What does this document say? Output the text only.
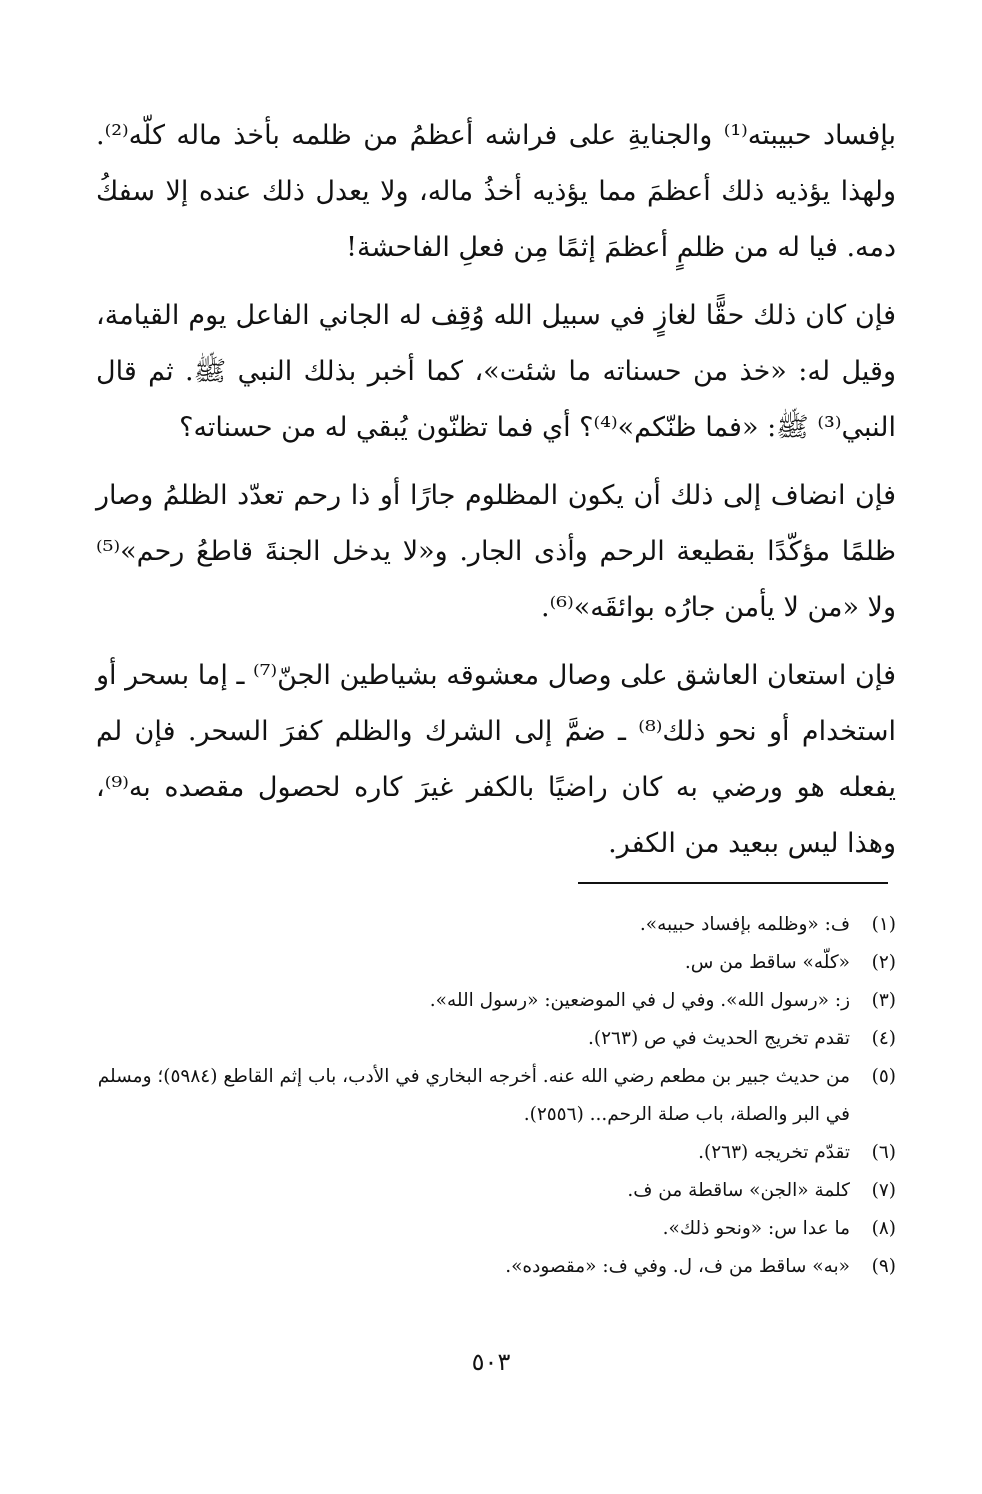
بإفساد حبيبته⁽¹⁾ والجنايةِ على فراشه أعظمُ من ظلمه بأخذ ماله كلّه⁽²⁾. ولهذا يؤذيه ذلك أعظمَ مما يؤذيه أخذُ ماله، ولا يعدل ذلك عنده إلا سفكُ دمه. فيا له من ظلمٍ أعظمَ إثمًا مِن فعلِ الفاحشة!

فإن كان ذلك حقًّا لغازٍ في سبيل الله وُقِف له الجاني الفاعل يوم القيامة، وقيل له: «خذ من حسناته ما شئت»، كما أخبر بذلك النبي ﷺ. ثم قال النبي⁽³⁾ ﷺ: «فما ظنّكم»⁽⁴⁾؟ أي فما تظنّون يُبقي له من حسناته؟

فإن انضاف إلى ذلك أن يكون المظلوم جارًا أو ذا رحم تعدّد الظلمُ وصار ظلمًا مؤكّدًا بقطيعة الرحم وأذى الجار. و«لا يدخل الجنةَ قاطعُ رحم»⁽⁵⁾ ولا «من لا يأمن جارُه بوائقَه»⁽⁶⁾.

فإن استعان العاشق على وصال معشوقه بشياطين الجنّ⁽⁷⁾ ـ إما بسحر أو استخدام أو نحو ذلك⁽⁸⁾ ـ ضمَّ إلى الشرك والظلم كفرَ السحر. فإن لم يفعله هو ورضي به كان راضيًا بالكفر غيرَ كاره لحصول مقصده به⁽⁹⁾، وهذا ليس ببعيد من الكفر.

(١)
ف: «وظلمه بإفساد حبيبه».
(٢)
«كلّه» ساقط من س.
(٣)
ز: «رسول الله». وفي ل في الموضعين: «رسول الله».
(٤)
تقدم تخريج الحديث في ص (٢٦٣).
(٥)
من حديث جبير بن مطعم رضي الله عنه. أخرجه البخاري في الأدب، باب إثم القاطع (٥٩٨٤)؛ ومسلم في البر والصلة، باب صلة الرحم... (٢٥٥٦).
(٦)
تقدّم تخريجه (٢٦٣).
(٧)
كلمة «الجن» ساقطة من ف.
(٨)
ما عدا س: «ونحو ذلك».
(٩)
«به» ساقط من ف، ل. وفي ف: «مقصوده».
٥٠٣
